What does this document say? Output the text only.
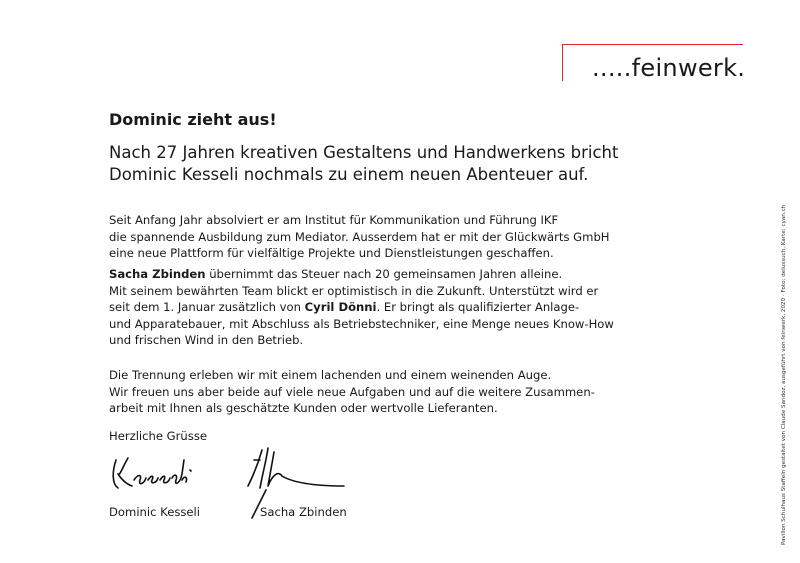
.....feinwerk.
Dominic zieht aus!

Nach 27 Jahren kreativen Gestaltens und Handwerkens bricht
Dominic Kesseli nochmals zu einem neuen Abenteuer auf.

Seit Anfang Jahr absolviert er am Institut für Kommunikation und Führung IKF
die spannende Ausbildung zum Mediator. Ausserdem hat er mit der Glückwärts GmbH
eine neue Plattform für vielfältige Projekte und Dienstleistungen geschaffen.

Sacha Zbinden übernimmt das Steuer nach 20 gemeinsamen Jahren alleine.
Mit seinem bewährten Team blickt er optimistisch in die Zukunft. Unterstützt wird er
seit dem 1. Januar zusätzlich von Cyril Dönni. Er bringt als qualifizierter Anlage-
und Apparatebauer, mit Abschluss als Betriebstechniker, eine Menge neues Know-How
und frischen Wind in den Betrieb.

Die Trennung erleben wir mit einem lachenden und einem weinenden Auge.
Wir freuen uns aber beide auf viele neue Aufgaben und auf die weitere Zusammen-
arbeit mit Ihnen als geschätzte Kunden oder wertvolle Lieferanten.

Herzliche Grüsse

Dominic Kesseli	Sacha Zbinden	Pavillon Schulhaus Staffeln gestaltet von Claude Sandoz, ausgeführt von feinwerk, 2020 · Foto: delussuch, Karte: cyan.ch
